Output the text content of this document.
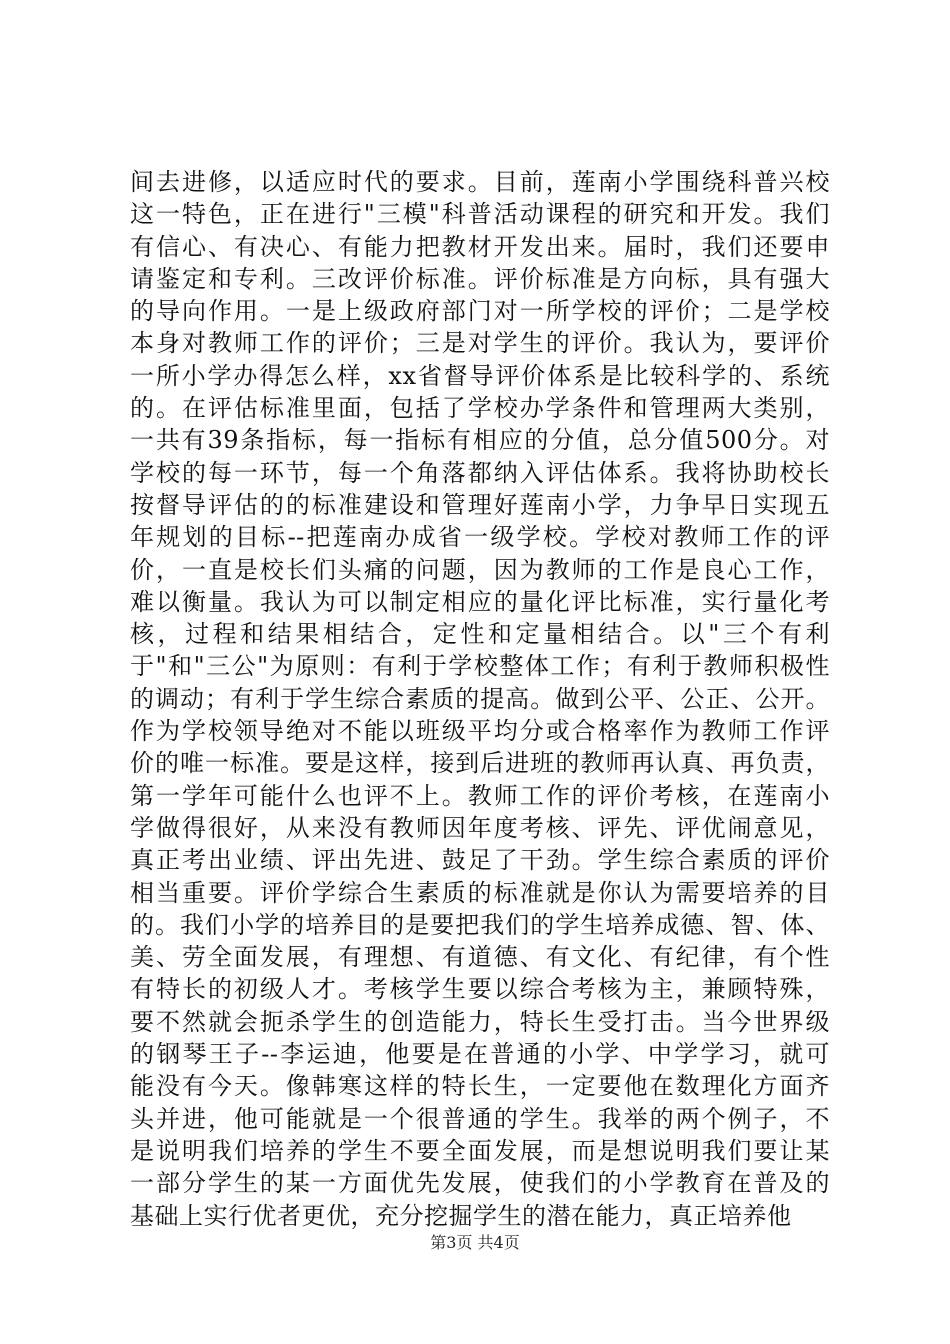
间去进修，以适应时代的要求。目前，莲南小学围绕科普兴校
这一特色，正在进行"三模"科普活动课程的研究和开发。我们
有信心、有决心、有能力把教材开发出来。届时，我们还要申
请鉴定和专利。三改评价标准。评价标准是方向标，具有强大
的导向作用。一是上级政府部门对一所学校的评价；二是学校
本身对教师工作的评价；三是对学生的评价。我认为，要评价
一所小学办得怎么样，xx省督导评价体系是比较科学的、系统
的。在评估标准里面，包括了学校办学条件和管理两大类别，
一共有39条指标，每一指标有相应的分值，总分值500分。对
学校的每一环节，每一个角落都纳入评估体系。我将协助校长
按督导评估的的标准建设和管理好莲南小学，力争早日实现五
年规划的目标--把莲南办成省一级学校。学校对教师工作的评
价，一直是校长们头痛的问题，因为教师的工作是良心工作，
难以衡量。我认为可以制定相应的量化评比标准，实行量化考
核，过程和结果相结合，定性和定量相结合。以"三个有利
于"和"三公"为原则：有利于学校整体工作；有利于教师积极性
的调动；有利于学生综合素质的提高。做到公平、公正、公开。
作为学校领导绝对不能以班级平均分或合格率作为教师工作评
价的唯一标准。要是这样，接到后进班的教师再认真、再负责，
第一学年可能什么也评不上。教师工作的评价考核，在莲南小
学做得很好，从来没有教师因年度考核、评先、评优闹意见，
真正考出业绩、评出先进、鼓足了干劲。学生综合素质的评价
相当重要。评价学综合生素质的标准就是你认为需要培养的目
的。我们小学的培养目的是要把我们的学生培养成德、智、体、
美、劳全面发展，有理想、有道德、有文化、有纪律，有个性
有特长的初级人才。考核学生要以综合考核为主，兼顾特殊，
要不然就会扼杀学生的创造能力，特长生受打击。当今世界级
的钢琴王子--李运迪，他要是在普通的小学、中学学习，就可
能没有今天。像韩寒这样的特长生，一定要他在数理化方面齐
头并进，他可能就是一个很普通的学生。我举的两个例子，不
是说明我们培养的学生不要全面发展，而是想说明我们要让某
一部分学生的某一方面优先发展，使我们的小学教育在普及的
基础上实行优者更优，充分挖掘学生的潜在能力，真正培养他
第3页 共4页
